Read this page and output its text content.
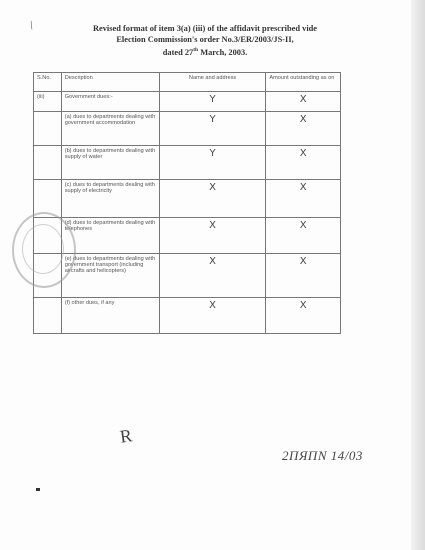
/	Revised format of item 3(a) (iii) of the affidavit prescribed vide
Election Commission's order No.3/ER/2003/JS-II,
dated 27th March, 2003.
S.No.	Description	Name and address	Amount outstanding as on
(iii)	Government dues:-	Y	X

	(a) dues to departments dealing with government accommodation	Y	X

	(b) dues to departments dealing with supply of water	Y	X

	(c) dues to departments dealing with supply of electricity	X	X

	(d) dues to departments dealing with telephones	X	X

	(e) dues to departments dealing with government transport (including aircrafts and helicopters)	X	X

	(f) other dues, if any	X	X
R
2ПЯПN 14/03
